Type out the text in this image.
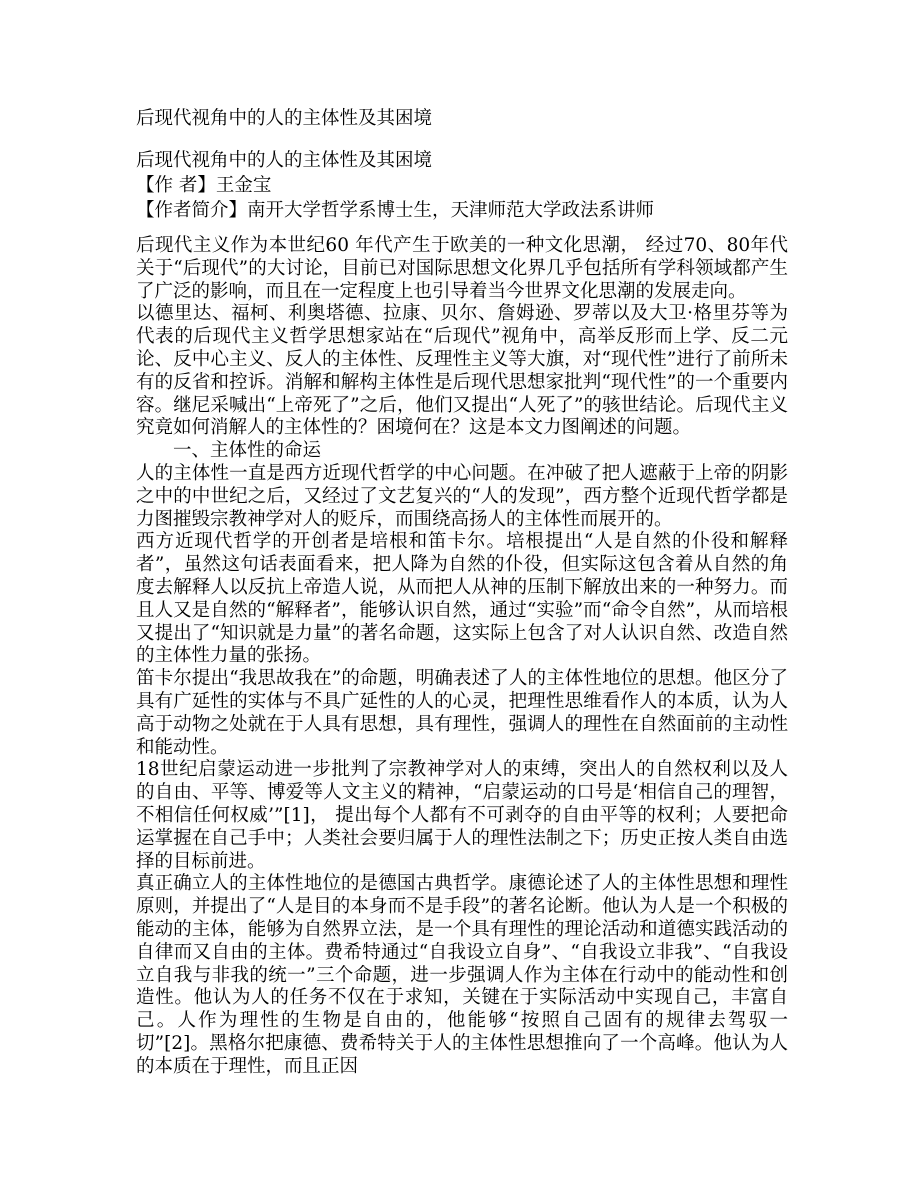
后现代视角中的人的主体性及其困境
后现代视角中的人的主体性及其困境
【作 者】王金宝
【作者简介】南开大学哲学系博士生，天津师范大学政法系讲师

后现代主义作为本世纪60 年代产生于欧美的一种文化思潮， 经过70、80年代关于“后现代”的大讨论，目前已对国际思想文化界几乎包括所有学科领域都产生了广泛的影响，而且在一定程度上也引导着当今世界文化思潮的发展走向。

以德里达、福柯、利奥塔德、拉康、贝尔、詹姆逊、罗蒂以及大卫·格里芬等为代表的后现代主义哲学思想家站在“后现代”视角中，高举反形而上学、反二元论、反中心主义、反人的主体性、反理性主义等大旗，对“现代性”进行了前所未有的反省和控诉。消解和解构主体性是后现代思想家批判“现代性”的一个重要内容。继尼采喊出“上帝死了”之后，他们又提出“人死了”的骇世结论。后现代主义究竟如何消解人的主体性的？困境何在？这是本文力图阐述的问题。

一、主体性的命运

人的主体性一直是西方近现代哲学的中心问题。在冲破了把人遮蔽于上帝的阴影之中的中世纪之后，又经过了文艺复兴的“人的发现”，西方整个近现代哲学都是力图摧毁宗教神学对人的贬斥，而围绕高扬人的主体性而展开的。

西方近现代哲学的开创者是培根和笛卡尔。培根提出“人是自然的仆役和解释者”，虽然这句话表面看来，把人降为自然的仆役，但实际这包含着从自然的角度去解释人以反抗上帝造人说，从而把人从神的压制下解放出来的一种努力。而且人又是自然的“解释者”，能够认识自然，通过“实验”而“命令自然”，从而培根又提出了“知识就是力量”的著名命题，这实际上包含了对人认识自然、改造自然的主体性力量的张扬。

笛卡尔提出“我思故我在”的命题，明确表述了人的主体性地位的思想。他区分了具有广延性的实体与不具广延性的人的心灵，把理性思维看作人的本质，认为人高于动物之处就在于人具有思想，具有理性，强调人的理性在自然面前的主动性和能动性。

18世纪启蒙运动进一步批判了宗教神学对人的束缚，突出人的自然权利以及人的自由、平等、博爱等人文主义的精神，“启蒙运动的口号是‘相信自己的理智，不相信任何权威’”[1]， 提出每个人都有不可剥夺的自由平等的权利；人要把命运掌握在自己手中；人类社会要归属于人的理性法制之下；历史正按人类自由选择的目标前进。

真正确立人的主体性地位的是德国古典哲学。康德论述了人的主体性思想和理性原则，并提出了“人是目的本身而不是手段”的著名论断。他认为人是一个积极的能动的主体，能够为自然界立法，是一个具有理性的理论活动和道德实践活动的自律而又自由的主体。费希特通过“自我设立自身”、“自我设立非我”、“自我设立自我与非我的统一”三个命题，进一步强调人作为主体在行动中的能动性和创造性。他认为人的任务不仅在于求知，关键在于实际活动中实现自己，丰富自己。人作为理性的生物是自由的，他能够“按照自己固有的规律去驾驭一切”[2]。黑格尔把康德、费希特关于人的主体性思想推向了一个高峰。他认为人的本质在于理性，而且正因
